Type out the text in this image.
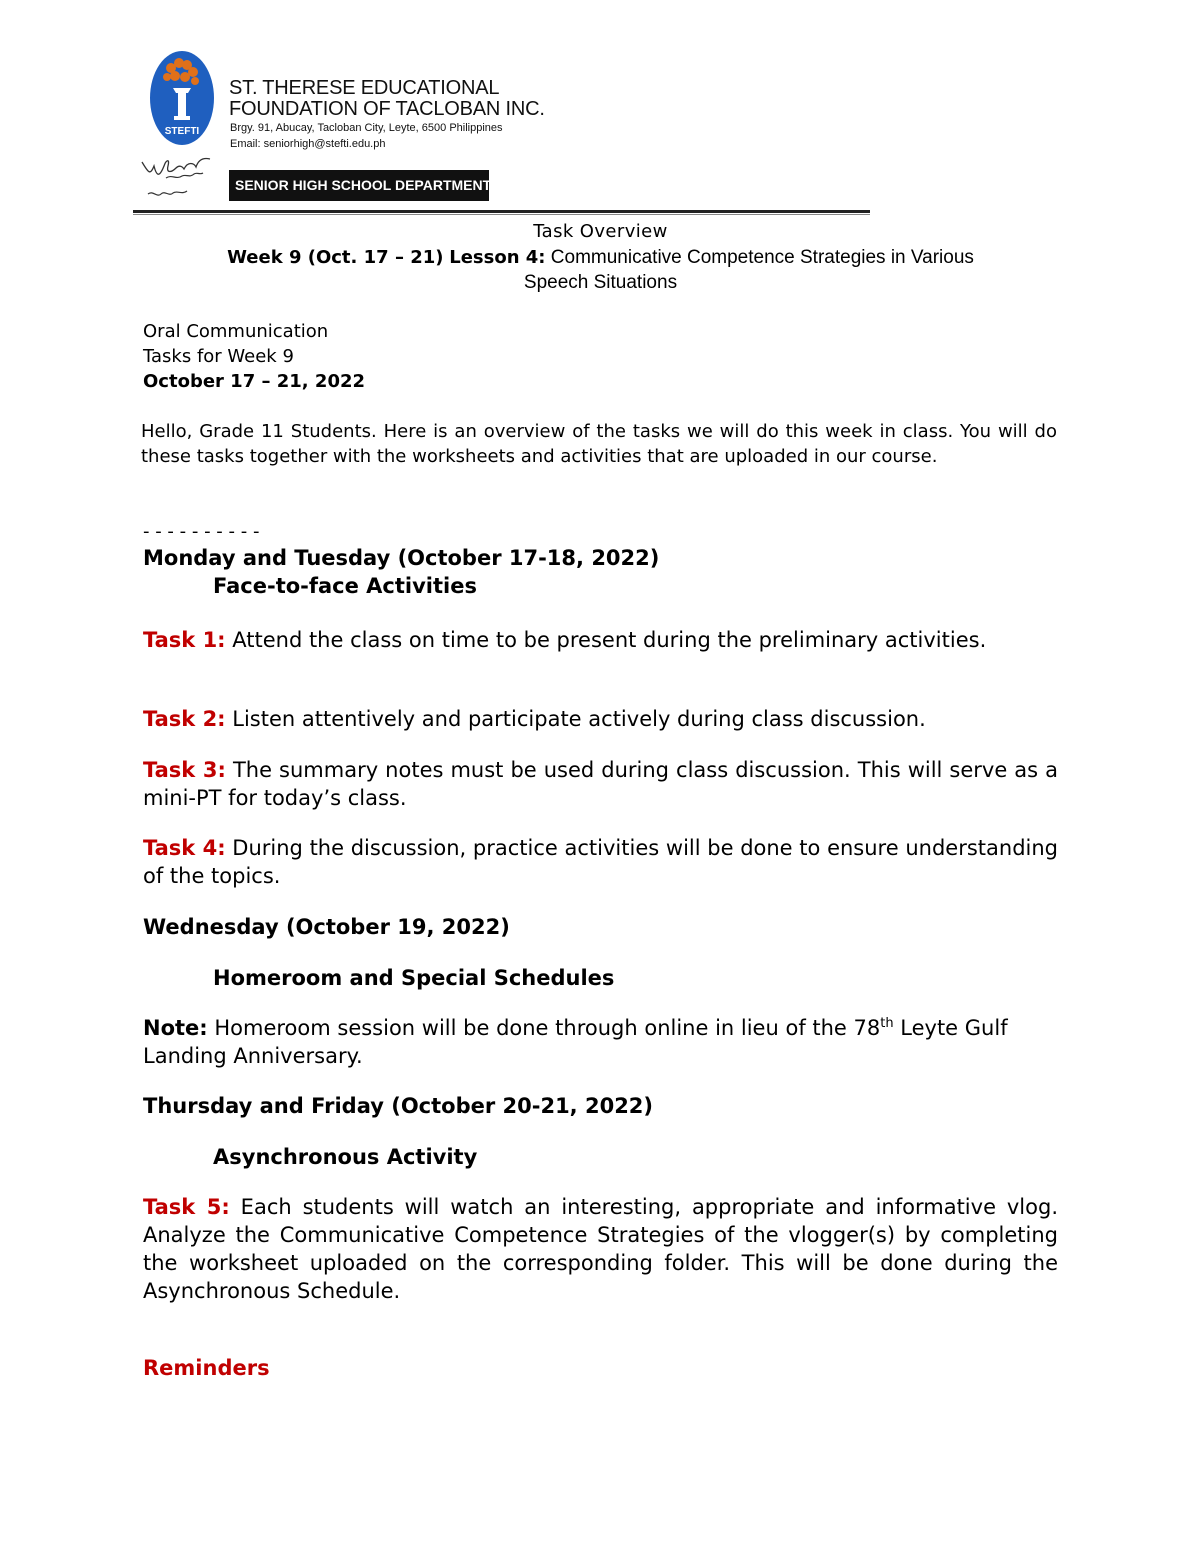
STEFTI
ST. THERESE EDUCATIONAL
FOUNDATION OF TACLOBAN INC.
Brgy. 91, Abucay, Tacloban City, Leyte, 6500 Philippines
Email: seniorhigh@stefti.edu.ph
SENIOR HIGH SCHOOL DEPARTMENT
Task Overview
Week 9 (Oct. 17 – 21) Lesson 4: Communicative Competence Strategies in Various
Speech Situations
Oral Communication
Tasks for Week 9
October 17 – 21, 2022
Hello, Grade 11 Students. Here is an overview of the tasks we will do this week in class. You will do these tasks together with the worksheets and activities that are uploaded in our course.
- - - - - - - - - -
Monday and Tuesday (October 17-18, 2022)
Face-to-face Activities
Task 1: Attend the class on time to be present during the preliminary activities.
Task 2: Listen attentively and participate actively during class discussion.
Task 3: The summary notes must be used during class discussion. This will serve as a mini-PT for today’s class.
Task 4: During the discussion, practice activities will be done to ensure understanding of the topics.
Wednesday (October 19, 2022)
Homeroom and Special Schedules
Note: Homeroom session will be done through online in lieu of the 78th Leyte Gulf Landing Anniversary.
Thursday and Friday (October 20-21, 2022)
Asynchronous Activity
Task 5: Each students will watch an interesting, appropriate and informative vlog. Analyze the Communicative Competence Strategies of the vlogger(s) by completing the worksheet uploaded on the corresponding folder. This will be done during the Asynchronous Schedule.
Reminders
